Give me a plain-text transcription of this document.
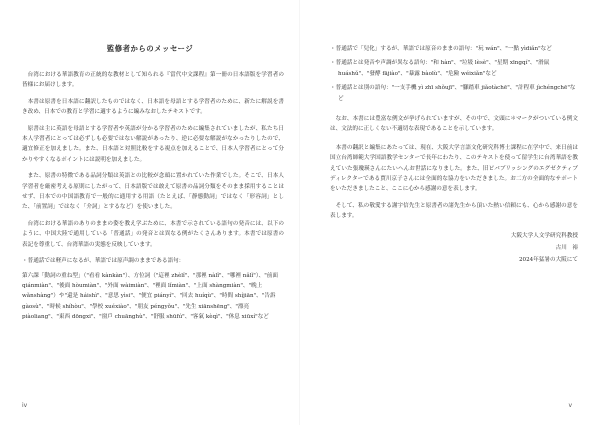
監修者からのメッセージ

台湾における華語教育の正統的な教材として知られる『當代中文課程』第一冊の日本語版を学習者の皆様にお届けします。

本書は原書を日本語に翻訳したものではなく、日本語を母語とする学習者のために、新たに解説を書き改め、日本での教育と学習に適するように編みなおしたテキストです。

原書は主に英語を母語とする学習者や英語が分かる学習者のために編集されていましたが、私たち日本人学習者にとっては必ずしも必要ではない解説があったり、逆に必要な解説がなかったりしたので、適宜修正を加えました。また、日本語と対照比較をする視点を加えることで、日本人学習者にとって分かりやすくなるポイントには説明を加えました。

また、原書の特徴である品詞分類は英語との比較が念頭に置かれていた作業でした。そこで、日本人学習者を厳密考える原則にしたがって、日本語版では敢えて原書の品詞分類をそのまま採用することはせず、日本での中国語教育で一般的に通用する用語（たとえば、「静態動詞」ではなく「形容詞」とした、「前置詞」ではなく「介詞」とするなど）を使いました。

台湾における華語のありのままの姿を教え学ぶために、本書で示されている語句の発音には、以下のように、中国大陸で通用している「普通話」の発音とは異なる例がたくさんあります。本書では原書の表記を尊重して、台湾華語の実態を反映しています。

・普通話では軽声になるが、華語では原声調のままである語句：
第六課「動詞の重ね型」（"看看 kànkàn"）、方位詞（"這裡 zhèlǐ"、"那裡 nàlǐ"、"哪裡 nǎlǐ"）、"前面 qiánmiàn"、"後面 hòumiàn"、"外面 wàimiàn"、"裡面 lǐmiàn"、"上面 shàngmiàn"、"晚上 wǎnshàng"）や"還是 háishì"、"意思 yìsi"、"便宜 piányí"、"回去 huíqù"、"時間 shíjiān"、"告訴 gàosù"、"時候 shíhòu"、"學校 xuéxiào"、"朋友 péngyǒu"、"先生 xiānshēng"、"漂亮 piàoliang"、"東西 dōngxi"、"窗戶 chuānghù"、"舒服 shūfú"、"客氣 kèqì"、"休息 xiūxí"など
iv
・普通話で「兒化」するが、華語では原音のままの語句："玩 wán"、"一點 yìdiǎn"など
・普通話とは発音や声調が異なる語句："和 hàn"、"垃圾 lèsè"、"星期 xīngqí"、"滑鼠 huáshǔ"、"發酵 fājiào"、"暴露 bàolù"、"危險 wéixiǎn"など
・普通話とは別の語句："一支手機 yì zhī shǒujī"、"腳踏車 jiǎotàchē"、"計程車 jìchéngchē"など

なお、本書には豊富な例文が挙げられていますが、その中で、文頭に＊マークがついている例文は、文法的に正しくない不適切な表現であることを示しています。

本書の翻訳と編集にあたっては、現在、大阪大学言語文化研究科博士課程に在学中で、来日前は国立台湾師範大学国語教学センターで長年にわたり、このテキストを使って留学生に台湾華語を教えていた張瓊瑛さんにたいへんお世話になりました。また、旧ピバブリッシングのエグゼクティブディレクターである賈川京子さんには全面的な協力をいただきました。お二方の全面的なサポートをいただきましたこと、ここに心から感謝の意を表します。

そして、私の敬愛する謝宇信先生と原書者の諸先生から頂いた熱い信頼にも、心から感謝の意を表します。

大阪大学人文学研究科教授
古川　裕
2024年猛暑の大阪にて
v
